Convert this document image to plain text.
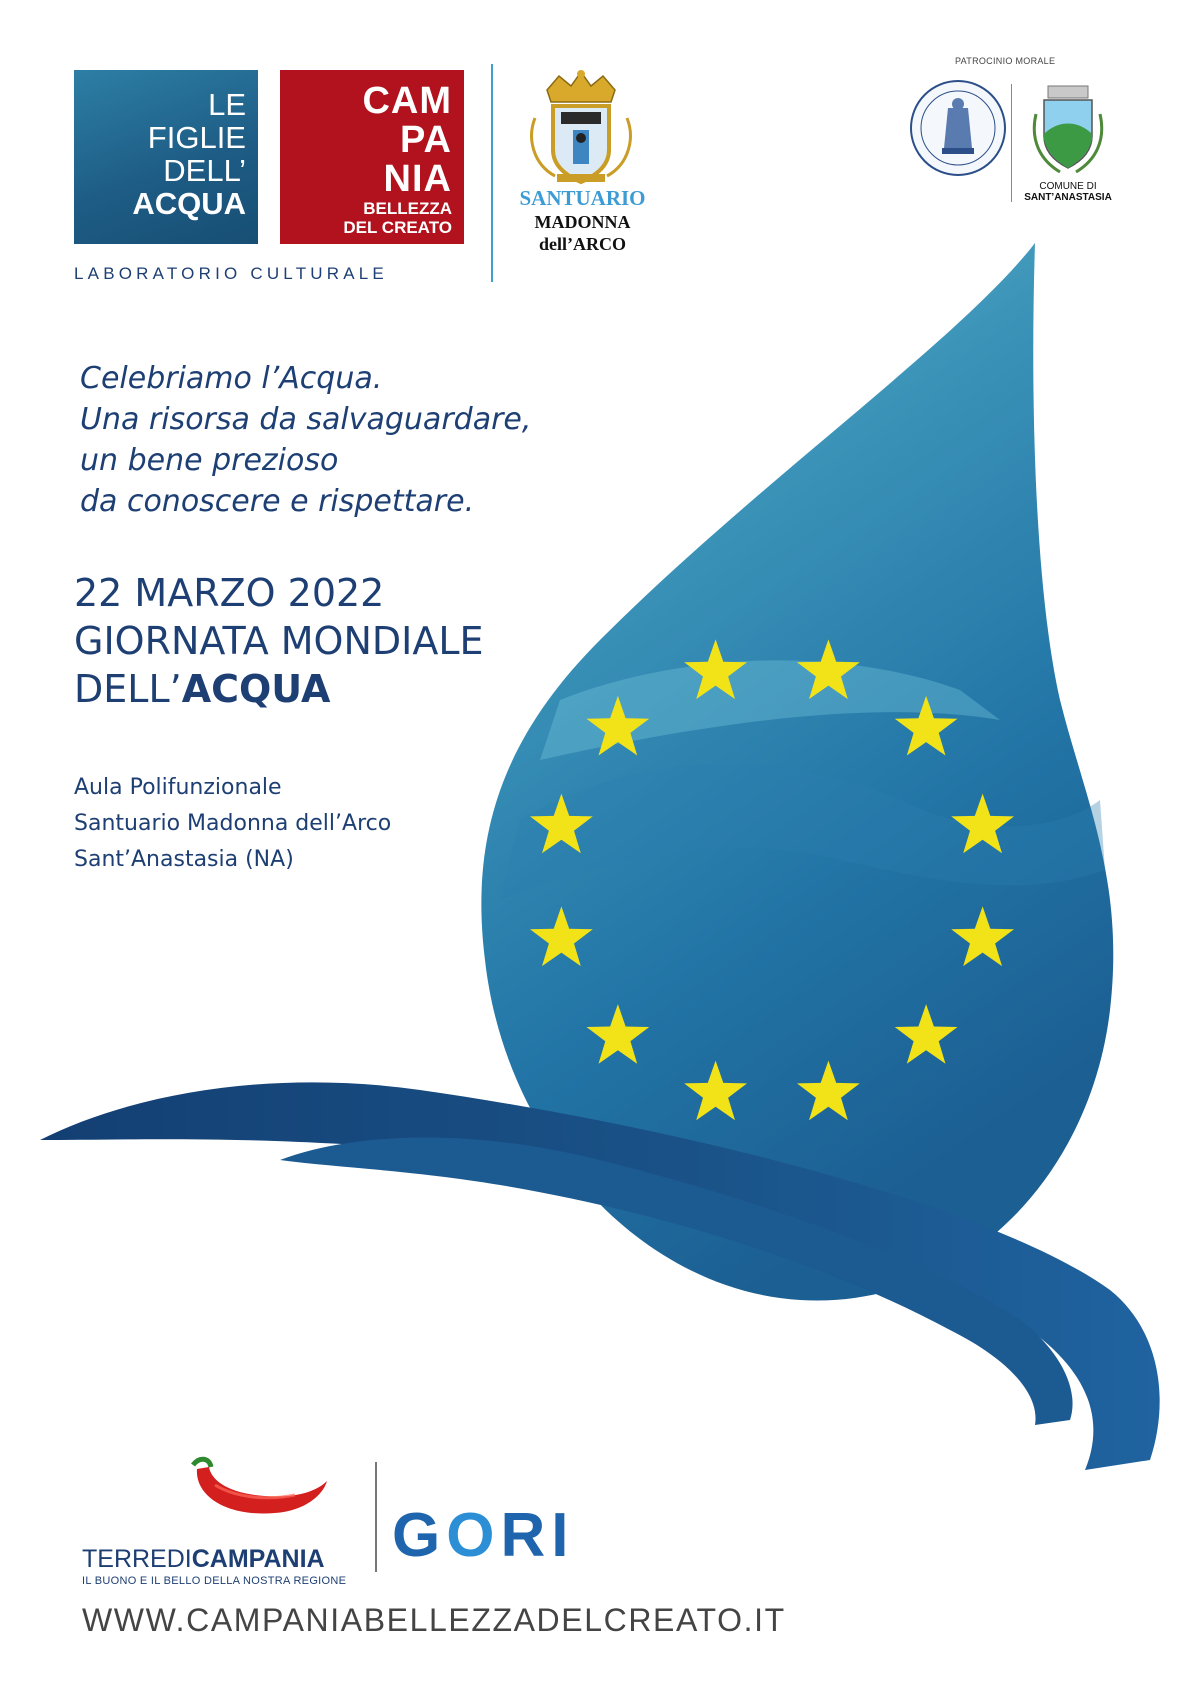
LE
FIGLIE
DELL’
ACQUA
CAM
PA
NIA
BELLEZZA
DEL CREATO
LABORATORIO CULTURALE
SANTUARIO
MADONNA
dell’ARCO
PATROCINIO MORALE
COMUNE DI
SANT’ANASTASIA
Celebriamo l’Acqua.
Una risorsa da salvaguardare,
un bene prezioso
da conoscere e rispettare.
22 MARZO 2022
GIORNATA MONDIALE
DELL’ACQUA
Aula Polifunzionale
Santuario Madonna dell’Arco
Sant’Anastasia (NA)
TERREDICAMPANIA
IL BUONO E IL BELLO DELLA NOSTRA REGIONE
GORI
WWW.CAMPANIABELLEZZADELCREATO.IT
